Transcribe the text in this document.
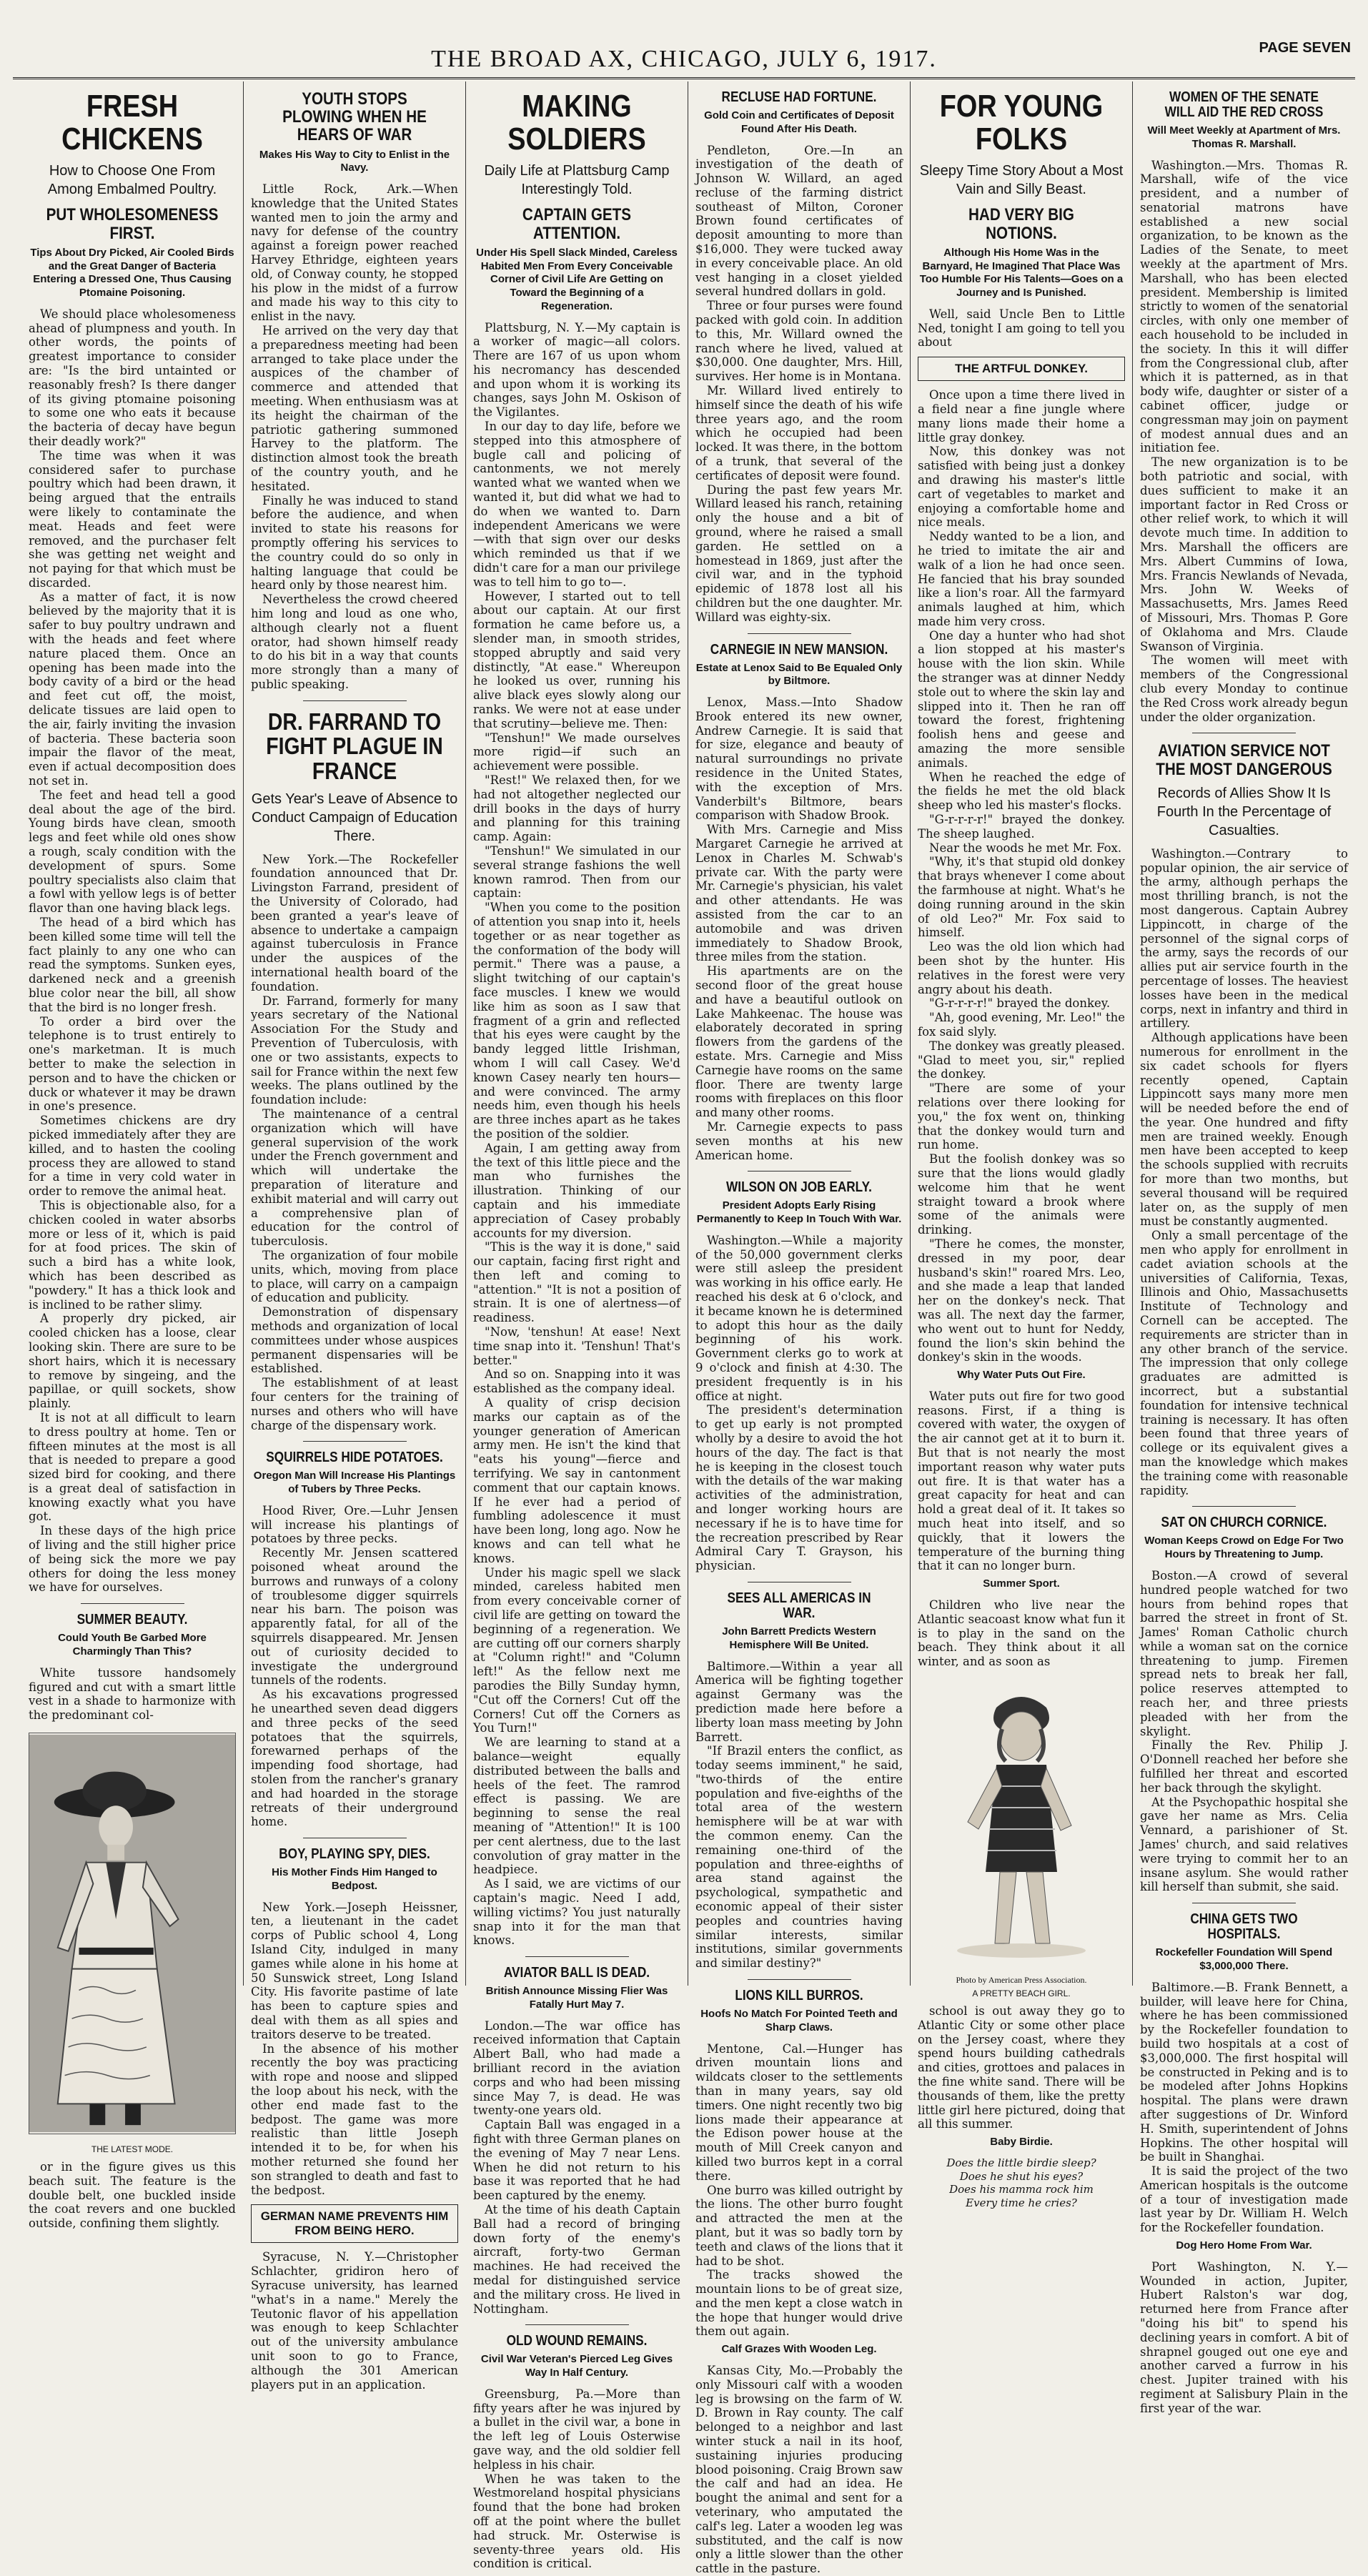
THE BROAD AX, CHICAGO, JULY 6, 1917.	PAGE SEVEN
FRESH CHICKENS
How to Choose One From Among Embalmed Poultry.
PUT WHOLESOMENESS FIRST.
Tips About Dry Picked, Air Cooled Birds and the Great Danger of Bacteria Entering a Dressed One, Thus Causing Ptomaine Poisoning.

We should place wholesomeness ahead of plumpness and youth. In other words, the points of greatest importance to consider are: "Is the bird untainted or reasonably fresh? Is there danger of its giving ptomaine poisoning to some one who eats it because the bacteria of decay have begun their deadly work?"

The time was when it was considered safer to purchase poultry which had been drawn, it being argued that the entrails were likely to contaminate the meat. Heads and feet were removed, and the purchaser felt she was getting net weight and not paying for that which must be discarded.

As a matter of fact, it is now believed by the majority that it is safer to buy poultry undrawn and with the heads and feet where nature placed them. Once an opening has been made into the body cavity of a bird or the head and feet cut off, the moist, delicate tissues are laid open to the air, fairly inviting the invasion of bacteria. These bacteria soon impair the flavor of the meat, even if actual decomposition does not set in.

The feet and head tell a good deal about the age of the bird. Young birds have clean, smooth legs and feet while old ones show a rough, scaly condition with the development of spurs. Some poultry specialists also claim that a fowl with yellow legs is of better flavor than one having black legs.

The head of a bird which has been killed some time will tell the fact plainly to any one who can read the symptoms. Sunken eyes, darkened neck and a greenish blue color near the bill, all show that the bird is no longer fresh.

To order a bird over the telephone is to trust entirely to one's marketman. It is much better to make the selection in person and to have the chicken or duck or whatever it may be drawn in one's presence.

Sometimes chickens are dry picked immediately after they are killed, and to hasten the cooling process they are allowed to stand for a time in very cold water in order to remove the animal heat.

This is objectionable also, for a chicken cooled in water absorbs more or less of it, which is paid for at food prices. The skin of such a bird has a white look, which has been described as "powdery." It has a thick look and is inclined to be rather slimy.

A properly dry picked, air cooled chicken has a loose, clear looking skin. There are sure to be short hairs, which it is necessary to remove by singeing, and the papillae, or quill sockets, show plainly.

It is not at all difficult to learn to dress poultry at home. Ten or fifteen minutes at the most is all that is needed to prepare a good sized bird for cooking, and there is a great deal of satisfaction in knowing exactly what you have got.

In these days of the high price of living and the still higher price of being sick the more we pay others for doing the less money we have for ourselves.

SUMMER BEAUTY.
Could Youth Be Garbed More Charmingly Than This?

White tussore handsomely figured and cut with a smart little vest in a shade to harmonize with the predominant col-

THE LATEST MODE.

or in the figure gives us this beach suit. The feature is the double belt, one buckled inside the coat revers and one buckled outside, confining them slightly.

YOUTH STOPS PLOWING WHEN HE HEARS OF WAR
Makes His Way to City to Enlist in the Navy.

Little Rock, Ark.—When knowledge that the United States wanted men to join the army and navy for defense of the country against a foreign power reached Harvey Ethridge, eighteen years old, of Conway county, he stopped his plow in the midst of a furrow and made his way to this city to enlist in the navy.

He arrived on the very day that a preparedness meeting had been arranged to take place under the auspices of the chamber of commerce and attended that meeting. When enthusiasm was at its height the chairman of the patriotic gathering summoned Harvey to the platform. The distinction almost took the breath of the country youth, and he hesitated.

Finally he was induced to stand before the audience, and when invited to state his reasons for promptly offering his services to the country could do so only in halting language that could be heard only by those nearest him.

Nevertheless the crowd cheered him long and loud as one who, although clearly not a fluent orator, had shown himself ready to do his bit in a way that counts more strongly than a many of public speaking.

DR. FARRAND TO FIGHT PLAGUE IN FRANCE
Gets Year's Leave of Absence to Conduct Campaign of Education There.

New York.—The Rockefeller foundation announced that Dr. Livingston Farrand, president of the University of Colorado, had been granted a year's leave of absence to undertake a campaign against tuberculosis in France under the auspices of the international health board of the foundation.

Dr. Farrand, formerly for many years secretary of the National Association For the Study and Prevention of Tuberculosis, with one or two assistants, expects to sail for France within the next few weeks. The plans outlined by the foundation include:

The maintenance of a central organization which will have general supervision of the work under the French government and which will undertake the preparation of literature and exhibit material and will carry out a comprehensive plan of education for the control of tuberculosis.

The organization of four mobile units, which, moving from place to place, will carry on a campaign of education and publicity.

Demonstration of dispensary methods and organization of local committees under whose auspices permanent dispensaries will be established.

The establishment of at least four centers for the training of nurses and others who will have charge of the dispensary work.

SQUIRRELS HIDE POTATOES.
Oregon Man Will Increase His Plantings of Tubers by Three Pecks.

Hood River, Ore.—Luhr Jensen will increase his plantings of potatoes by three pecks.

Recently Mr. Jensen scattered poisoned wheat around the burrows and runways of a colony of troublesome digger squirrels near his barn. The poison was apparently fatal, for all of the squirrels disappeared. Mr. Jensen out of curiosity decided to investigate the underground tunnels of the rodents.

As his excavations progressed he unearthed seven dead diggers and three pecks of the seed potatoes that the squirrels, forewarned perhaps of the impending food shortage, had stolen from the rancher's granary and had hoarded in the storage retreats of their underground home.

BOY, PLAYING SPY, DIES.
His Mother Finds Him Hanged to Bedpost.

New York.—Joseph Heissner, ten, a lieutenant in the cadet corps of Public school 4, Long Island City, indulged in many games while alone in his home at 50 Sunswick street, Long Island City. His favorite pastime of late has been to capture spies and deal with them as all spies and traitors deserve to be treated.

In the absence of his mother recently the boy was practicing with rope and noose and slipped the loop about his neck, with the other end made fast to the bedpost. The game was more realistic than little Joseph intended it to be, for when his mother returned she found her son strangled to death and fast to the bedpost.

GERMAN NAME PREVENTS HIM FROM BEING HERO.

Syracuse, N. Y.—Christopher Schlachter, gridiron hero of Syracuse university, has learned "what's in a name." Merely the Teutonic flavor of his appellation was enough to keep Schlachter out of the university ambulance unit soon to go to France, although the 301 American players put in an application.

MAKING SOLDIERS
Daily Life at Plattsburg Camp Interestingly Told.
CAPTAIN GETS ATTENTION.
Under His Spell Slack Minded, Careless Habited Men From Every Conceivable Corner of Civil Life Are Getting on Toward the Beginning of a Regeneration.

Plattsburg, N. Y.—My captain is a worker of magic—all colors. There are 167 of us upon whom his necromancy has descended and upon whom it is working its changes, says John M. Oskison of the Vigilantes.

In our day to day life, before we stepped into this atmosphere of bugle call and policing of cantonments, we not merely wanted what we wanted when we wanted it, but did what we had to do when we wanted to. Darn independent Americans we were—with that sign over our desks which reminded us that if we didn't care for a man our privilege was to tell him to go to—.

However, I started out to tell about our captain. At our first formation he came before us, a slender man, in smooth strides, stopped abruptly and said very distinctly, "At ease." Whereupon he looked us over, running his alive black eyes slowly along our ranks. We were not at ease under that scrutiny—believe me. Then:

"Tenshun!" We made ourselves more rigid—if such an achievement were possible.

"Rest!" We relaxed then, for we had not altogether neglected our drill books in the days of hurry and planning for this training camp. Again:

"Tenshun!" We simulated in our several strange fashions the well known ramrod. Then from our captain:

"When you come to the position of attention you snap into it, heels together or as near together as the conformation of the body will permit." There was a pause, a slight twitching of our captain's face muscles. I knew we would like him as soon as I saw that fragment of a grin and reflected that his eyes were caught by the bandy legged little Irishman, whom I will call Casey. We'd known Casey nearly ten hours—and were convinced. The army needs him, even though his heels are three inches apart as he takes the position of the soldier.

Again, I am getting away from the text of this little piece and the man who furnishes the illustration. Thinking of our captain and his immediate appreciation of Casey probably accounts for my diversion.

"This is the way it is done," said our captain, facing first right and then left and coming to "attention." "It is not a position of strain. It is one of alertness—of readiness.

"Now, 'tenshun! At ease! Next time snap into it. 'Tenshun! That's better."

And so on. Snapping into it was established as the company ideal.

A quality of crisp decision marks our captain as of the younger generation of American army men. He isn't the kind that "eats his young"—fierce and terrifying. We say in cantonment comment that our captain knows. If he ever had a period of fumbling adolescence it must have been long, long ago. Now he knows and can tell what he knows.

Under his magic spell we slack minded, careless habited men from every conceivable corner of civil life are getting on toward the beginning of a regeneration. We are cutting off our corners sharply at "Column right!" and "Column left!" As the fellow next me parodies the Billy Sunday hymn, "Cut off the Corners! Cut off the Corners! Cut off the Corners as You Turn!"

We are learning to stand at a balance—weight equally distributed between the balls and heels of the feet. The ramrod effect is passing. We are beginning to sense the real meaning of "Attention!" It is 100 per cent alertness, due to the last convolution of gray matter in the headpiece.

As I said, we are victims of our captain's magic. Need I add, willing victims? You just naturally snap into it for the man that knows.

AVIATOR BALL IS DEAD.
British Announce Missing Flier Was Fatally Hurt May 7.

London.—The war office has received information that Captain Albert Ball, who had made a brilliant record in the aviation corps and who had been missing since May 7, is dead. He was twenty-one years old.

Captain Ball was engaged in a fight with three German planes on the evening of May 7 near Lens. When he did not return to his base it was reported that he had been captured by the enemy.

At the time of his death Captain Ball had a record of bringing down forty of the enemy's aircraft, forty-two German machines. He had received the medal for distinguished service and the military cross. He lived in Nottingham.

OLD WOUND REMAINS.
Civil War Veteran's Pierced Leg Gives Way In Half Century.

Greensburg, Pa.—More than fifty years after he was injured by a bullet in the civil war, a bone in the left leg of Louis Osterwise gave way, and the old soldier fell helpless in his chair.

When he was taken to the Westmoreland hospital physicians found that the bone had broken off at the point where the bullet had struck. Mr. Osterwise is seventy-three years old. His condition is critical.

RECLUSE HAD FORTUNE.
Gold Coin and Certificates of Deposit Found After His Death.

Pendleton, Ore.—In an investigation of the death of Johnson W. Willard, an aged recluse of the farming district southeast of Milton, Coroner Brown found certificates of deposit amounting to more than $16,000. They were tucked away in every conceivable place. An old vest hanging in a closet yielded several hundred dollars in gold.

Three or four purses were found packed with gold coin. In addition to this, Mr. Willard owned the ranch where he lived, valued at $30,000. One daughter, Mrs. Hill, survives. Her home is in Montana.

Mr. Willard lived entirely to himself since the death of his wife three years ago, and the room which he occupied had been locked. It was there, in the bottom of a trunk, that several of the certificates of deposit were found.

During the past few years Mr. Willard leased his ranch, retaining only the house and a bit of ground, where he raised a small garden. He settled on a homestead in 1869, just after the civil war, and in the typhoid epidemic of 1878 lost all his children but the one daughter. Mr. Willard was eighty-six.

CARNEGIE IN NEW MANSION.
Estate at Lenox Said to Be Equaled Only by Biltmore.

Lenox, Mass.—Into Shadow Brook entered its new owner, Andrew Carnegie. It is said that for size, elegance and beauty of natural surroundings no private residence in the United States, with the exception of Mrs. Vanderbilt's Biltmore, bears comparison with Shadow Brook.

With Mrs. Carnegie and Miss Margaret Carnegie he arrived at Lenox in Charles M. Schwab's private car. With the party were Mr. Carnegie's physician, his valet and other attendants. He was assisted from the car to an automobile and was driven immediately to Shadow Brook, three miles from the station.

His apartments are on the second floor of the great house and have a beautiful outlook on Lake Mahkeenac. The house was elaborately decorated in spring flowers from the gardens of the estate. Mrs. Carnegie and Miss Carnegie have rooms on the same floor. There are twenty large rooms with fireplaces on this floor and many other rooms.

Mr. Carnegie expects to pass seven months at his new American home.

WILSON ON JOB EARLY.
President Adopts Early Rising Permanently to Keep In Touch With War.

Washington.—While a majority of the 50,000 government clerks were still asleep the president was working in his office early. He reached his desk at 6 o'clock, and it became known he is determined to adopt this hour as the daily beginning of his work. Government clerks go to work at 9 o'clock and finish at 4:30. The president frequently is in his office at night.

The president's determination to get up early is not prompted wholly by a desire to avoid the hot hours of the day. The fact is that he is keeping in the closest touch with the details of the war making activities of the administration, and longer working hours are necessary if he is to have time for the recreation prescribed by Rear Admiral Cary T. Grayson, his physician.

SEES ALL AMERICAS IN WAR.
John Barrett Predicts Western Hemisphere Will Be United.

Baltimore.—Within a year all America will be fighting together against Germany was the prediction made here before a liberty loan mass meeting by John Barrett.

"If Brazil enters the conflict, as today seems imminent," he said, "two-thirds of the entire population and five-eighths of the total area of the western hemisphere will be at war with the common enemy. Can the remaining one-third of the population and three-eighths of area stand against the psychological, sympathetic and economic appeal of their sister peoples and countries having similar interests, similar institutions, similar governments and similar destiny?"

LIONS KILL BURROS.
Hoofs No Match For Pointed Teeth and Sharp Claws.

Mentone, Cal.—Hunger has driven mountain lions and wildcats closer to the settlements than in many years, say old timers. One night recently two big lions made their appearance at the Edison power house at the mouth of Mill Creek canyon and killed two burros kept in a corral there.

One burro was killed outright by the lions. The other burro fought and attracted the men at the plant, but it was so badly torn by teeth and claws of the lions that it had to be shot.

The tracks showed the mountain lions to be of great size, and the men kept a close watch in the hope that hunger would drive them out again.

Calf Grazes With Wooden Leg.

Kansas City, Mo.—Probably the only Missouri calf with a wooden leg is browsing on the farm of W. D. Brown in Ray county. The calf belonged to a neighbor and last winter stuck a nail in its hoof, sustaining injuries producing blood poisoning. Craig Brown saw the calf and had an idea. He bought the animal and sent for a veterinary, who amputated the calf's leg. Later a wooden leg was substituted, and the calf is now only a little slower than the other cattle in the pasture.

FOR YOUNG FOLKS
Sleepy Time Story About a Most Vain and Silly Beast.
HAD VERY BIG NOTIONS.
Although His Home Was in the Barnyard, He Imagined That Place Was Too Humble For His Talents—Goes on a Journey and Is Punished.

Well, said Uncle Ben to Little Ned, tonight I am going to tell you about

THE ARTFUL DONKEY.

Once upon a time there lived in a field near a fine jungle where many lions made their home a little gray donkey.

Now, this donkey was not satisfied with being just a donkey and drawing his master's little cart of vegetables to market and enjoying a comfortable home and nice meals.

Neddy wanted to be a lion, and he tried to imitate the air and walk of a lion he had once seen. He fancied that his bray sounded like a lion's roar. All the farmyard animals laughed at him, which made him very cross.

One day a hunter who had shot a lion stopped at his master's house with the lion skin. While the stranger was at dinner Neddy stole out to where the skin lay and slipped into it. Then he ran off toward the forest, frightening foolish hens and geese and amazing the more sensible animals.

When he reached the edge of the fields he met the old black sheep who led his master's flocks.

"G-r-r-r-r!" brayed the donkey. The sheep laughed.

Near the woods he met Mr. Fox.

"Why, it's that stupid old donkey that brays whenever I come about the farmhouse at night. What's he doing running around in the skin of old Leo?" Mr. Fox said to himself.

Leo was the old lion which had been shot by the hunter. His relatives in the forest were very angry about his death.

"G-r-r-r-r!" brayed the donkey.

"Ah, good evening, Mr. Leo!" the fox said slyly.

The donkey was greatly pleased. "Glad to meet you, sir," replied the donkey.

"There are some of your relations over there looking for you," the fox went on, thinking that the donkey would turn and run home.

But the foolish donkey was so sure that the lions would gladly welcome him that he went straight toward a brook where some of the animals were drinking.

"There he comes, the monster, dressed in my poor, dear husband's skin!" roared Mrs. Leo, and she made a leap that landed her on the donkey's neck. That was all. The next day the farmer, who went out to hunt for Neddy, found the lion's skin behind the donkey's skin in the woods.

Why Water Puts Out Fire.

Water puts out fire for two good reasons. First, if a thing is covered with water, the oxygen of the air cannot get at it to burn it. But that is not nearly the most important reason why water puts out fire. It is that water has a great capacity for heat and can hold a great deal of it. It takes so much heat into itself, and so quickly, that it lowers the temperature of the burning thing that it can no longer burn.

Summer Sport.

Children who live near the Atlantic seacoast know what fun it is to play in the sand on the beach. They think about it all winter, and as soon as

Photo by American Press Association.
A PRETTY BEACH GIRL.

school is out away they go to Atlantic City or some other place on the Jersey coast, where they spend hours building cathedrals and cities, grottoes and palaces in the fine white sand. There will be thousands of them, like the pretty little girl here pictured, doing that all this summer.

Baby Birdie.

Does the little birdie sleep?

Does he shut his eyes?

Does his mamma rock him

Every time he cries?

WOMEN OF THE SENATE WILL AID THE RED CROSS
Will Meet Weekly at Apartment of Mrs. Thomas R. Marshall.

Washington.—Mrs. Thomas R. Marshall, wife of the vice president, and a number of senatorial matrons have established a new social organization, to be known as the Ladies of the Senate, to meet weekly at the apartment of Mrs. Marshall, who has been elected president. Membership is limited strictly to women of the senatorial circles, with only one member of each household to be included in the society. In this it will differ from the Congressional club, after which it is patterned, as in that body wife, daughter or sister of a cabinet officer, judge or congressman may join on payment of modest annual dues and an initiation fee.

The new organization is to be both patriotic and social, with dues sufficient to make it an important factor in Red Cross or other relief work, to which it will devote much time. In addition to Mrs. Marshall the officers are Mrs. Albert Cummins of Iowa, Mrs. Francis Newlands of Nevada, Mrs. John W. Weeks of Massachusetts, Mrs. James Reed of Missouri, Mrs. Thomas P. Gore of Oklahoma and Mrs. Claude Swanson of Virginia.

The women will meet with members of the Congressional club every Monday to continue the Red Cross work already begun under the older organization.

AVIATION SERVICE NOT THE MOST DANGEROUS
Records of Allies Show It Is Fourth In the Percentage of Casualties.

Washington.—Contrary to popular opinion, the air service of the army, although perhaps the most thrilling branch, is not the most dangerous. Captain Aubrey Lippincott, in charge of the personnel of the signal corps of the army, says the records of our allies put air service fourth in the percentage of losses. The heaviest losses have been in the medical corps, next in infantry and third in artillery.

Although applications have been numerous for enrollment in the six cadet schools for flyers recently opened, Captain Lippincott says many more men will be needed before the end of the year. One hundred and fifty men are trained weekly. Enough men have been accepted to keep the schools supplied with recruits for more than two months, but several thousand will be required later on, as the supply of men must be constantly augmented.

Only a small percentage of the men who apply for enrollment in cadet aviation schools at the universities of California, Texas, Illinois and Ohio, Massachusetts Institute of Technology and Cornell can be accepted. The requirements are stricter than in any other branch of the service. The impression that only college graduates are admitted is incorrect, but a substantial foundation for intensive technical training is necessary. It has often been found that three years of college or its equivalent gives a man the knowledge which makes the training come with reasonable rapidity.

SAT ON CHURCH CORNICE.
Woman Keeps Crowd on Edge For Two Hours by Threatening to Jump.

Boston.—A crowd of several hundred people watched for two hours from behind ropes that barred the street in front of St. James' Roman Catholic church while a woman sat on the cornice threatening to jump. Firemen spread nets to break her fall, police reserves attempted to reach her, and three priests pleaded with her from the skylight.

Finally the Rev. Philip J. O'Donnell reached her before she fulfilled her threat and escorted her back through the skylight.

At the Psychopathic hospital she gave her name as Mrs. Celia Vennard, a parishioner of St. James' church, and said relatives were trying to commit her to an insane asylum. She would rather kill herself than submit, she said.

CHINA GETS TWO HOSPITALS.
Rockefeller Foundation Will Spend $3,000,000 There.

Baltimore.—B. Frank Bennett, a builder, will leave here for China, where he has been commissioned by the Rockefeller foundation to build two hospitals at a cost of $3,000,000. The first hospital will be constructed in Peking and is to be modeled after Johns Hopkins hospital. The plans were drawn after suggestions of Dr. Winford H. Smith, superintendent of Johns Hopkins. The other hospital will be built in Shanghai.

It is said the project of the two American hospitals is the outcome of a tour of investigation made last year by Dr. William H. Welch for the Rockefeller foundation.

Dog Hero Home From War.

Port Washington, N. Y.—Wounded in action, Jupiter, Hubert Ralston's war dog, returned here from France after "doing his bit" to spend his declining years in comfort. A bit of shrapnel gouged out one eye and another carved a furrow in his chest. Jupiter trained with his regiment at Salisbury Plain in the first year of the war.
